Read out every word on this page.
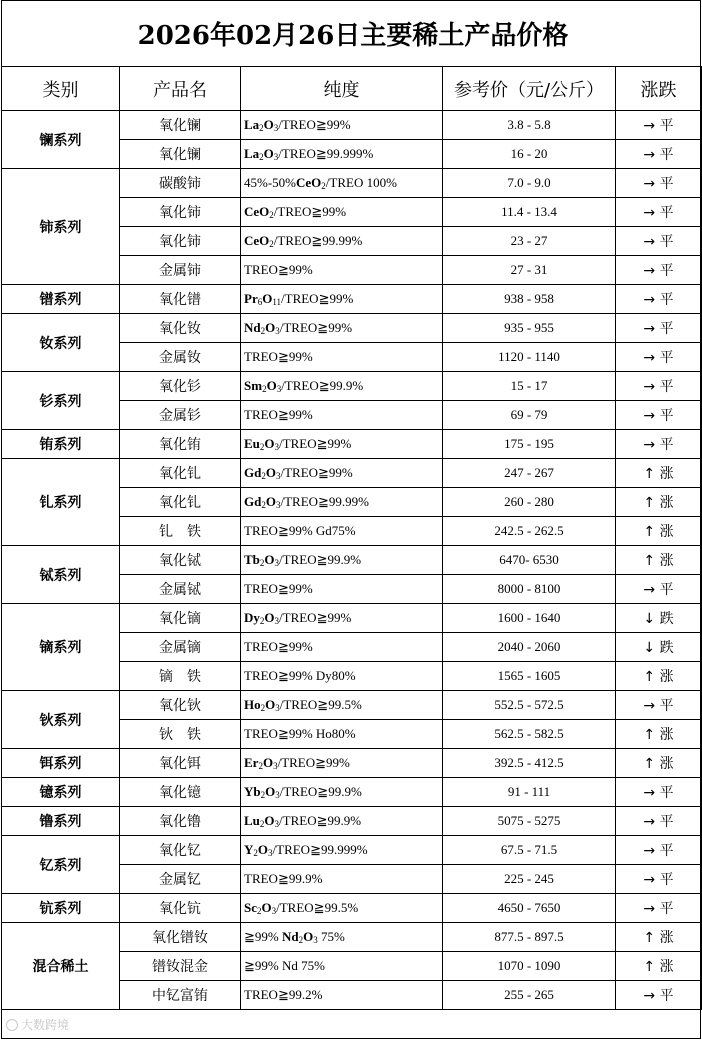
2026年02月26日主要稀土产品价格
类别	产品名	纯度	参考价（元/公斤）	涨跌
镧系列	氧化镧	$La_2O_3/TREO≧99\%$	3.8 - 5.8	→ 平
	氧化镧	$La_2O_3/TREO≧99.999\%$	16 - 20	→ 平
铈系列	碳酸铈	45%-50%CeO$_2$/TREO 100%	7.0 - 9.0	→ 平
	氧化铈	CeO$_2$/TREO≧99%	11.4 - 13.4	→ 平
	氧化铈	CeO$_2$/TREO≧99.99%	23 - 27	→ 平
	金属铈	TREO≧99%	27 - 31	→ 平
镨系列	氧化镨	$Pr_6O_{11}/TREO≧99\%$	938 - 958	→ 平
钕系列	氧化钕	$Nd_2O_3/TREO≧99\%$	935 - 955	→ 平
	金属钕	TREO≧99%	1120 - 1140	→ 平
钐系列	氧化钐	$Sm_2O_3/TREO≧99.9\%$	15 - 17	→ 平
	金属钐	TREO≧99%	69 - 79	→ 平
铕系列	氧化铕	$Eu_2O_3/TREO≧99\%$	175 - 195	→ 平
钆系列	氧化钆	$Gd_2O_3/TREO≧99\%$	247 - 267	↑ 涨
	氧化钆	$Gd_2O_3/TREO≧99.99\%$	260 - 280	↑ 涨
	钆　铁	TREO≧99% Gd75%	242.5 - 262.5	↑ 涨
铽系列	氧化铽	$Tb_2O_3/TREO≧99.9\%$	6470- 6530	↑ 涨
	金属铽	TREO≧99%	8000 - 8100	→ 平
镝系列	氧化镝	$Dy_2O_3/TREO≧99\%$	1600 - 1640	↓ 跌
	金属镝	TREO≧99%	2040 - 2060	↓ 跌
	镝　铁	TREO≧99% Dy80%	1565 - 1605	↑ 涨
钬系列	氧化钬	$Ho_2O_3/TREO≧99.5\%$	552.5 - 572.5	→ 平
	钬　铁	TREO≧99% Ho80%	562.5 - 582.5	↑ 涨
铒系列	氧化铒	$Er_2O_3/TREO≧99\%$	392.5 - 412.5	↑ 涨
镱系列	氧化镱	$Yb_2O_3/TREO≧99.9\%$	91 - 111	→ 平
镥系列	氧化镥	$Lu_2O_3/TREO≧99.9\%$	5075 - 5275	→ 平
钇系列	氧化钇	$Y_2O_3/TREO≧99.999\%$	67.5 - 71.5	→ 平
	金属钇	TREO≧99.9%	225 - 245	→ 平
钪系列	氧化钪	$Sc_2O_3/TREO≧99.5\%$	4650 - 7650	→ 平
混合稀土	氧化镨钕	≧99% $Nd_2O_3$ 75%	877.5 - 897.5	↑ 涨
	镨钕混金	≧99% Nd 75%	1070 - 1090	↑ 涨
	中钇富铕	TREO≧99.2%	255 - 265	→ 平
大数跨境
